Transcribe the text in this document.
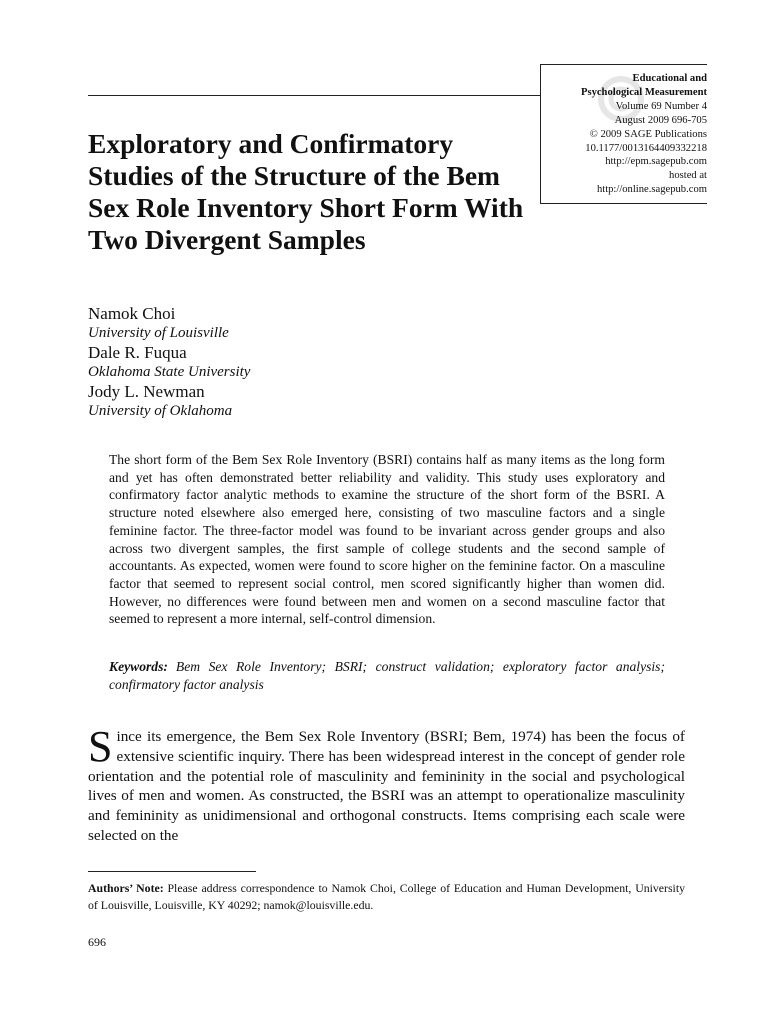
Educational and
Psychological Measurement
Volume 69 Number 4
August 2009 696-705
© 2009 SAGE Publications
10.1177/0013164409332218
http://epm.sagepub.com
hosted at
http://online.sagepub.com
Exploratory and Confirmatory Studies of the Structure of the Bem Sex Role Inventory Short Form With Two Divergent Samples
Namok Choi
University of Louisville
Dale R. Fuqua
Oklahoma State University
Jody L. Newman
University of Oklahoma

The short form of the Bem Sex Role Inventory (BSRI) contains half as many items as the long form and yet has often demonstrated better reliability and validity. This study uses exploratory and confirmatory factor analytic methods to examine the structure of the short form of the BSRI. A structure noted elsewhere also emerged here, consisting of two masculine factors and a single feminine factor. The three-factor model was found to be invariant across gender groups and also across two divergent samples, the first sample of college students and the second sample of accountants. As expected, women were found to score higher on the feminine factor. On a masculine factor that seemed to represent social control, men scored significantly higher than women did. However, no differences were found between men and women on a second masculine factor that seemed to represent a more internal, self-control dimension.

Keywords: Bem Sex Role Inventory; BSRI; construct validation; exploratory factor analysis; confirmatory factor analysis

Since its emergence, the Bem Sex Role Inventory (BSRI; Bem, 1974) has been the focus of extensive scientific inquiry. There has been widespread interest in the concept of gender role orientation and the potential role of masculinity and femininity in the social and psychological lives of men and women. As constructed, the BSRI was an attempt to operationalize masculinity and femininity as unidimensional and orthogonal constructs. Items comprising each scale were selected on the

Authors’ Note: Please address correspondence to Namok Choi, College of Education and Human Development, University of Louisville, Louisville, KY 40292; namok@louisville.edu.

696
